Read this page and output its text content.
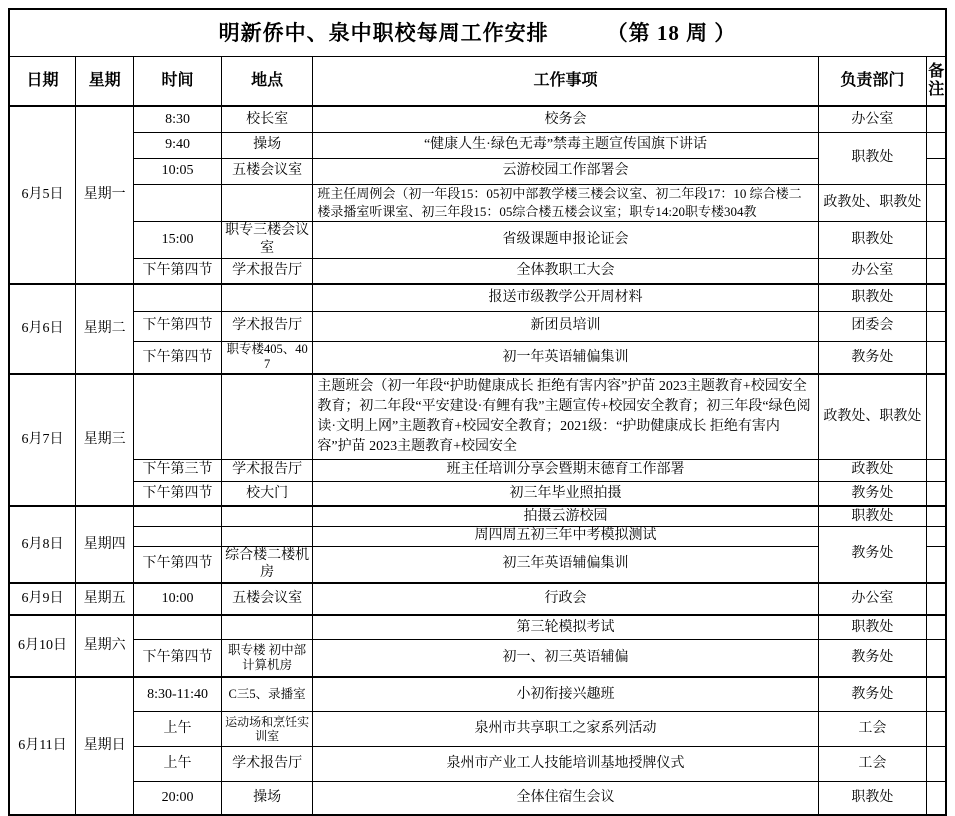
明新侨中、泉中职校每周工作安排 （第 18 周 ）						

日期	星期	时间	地点	工作事项	负责部门	备注
6月5日	星期一	8:30	校长室	校务会	办公室	
		9:40	操场	“健康人生·绿色无毒”禁毒主题宣传国旗下讲话	职教处	
		10:05	五楼会议室	云游校园工作部署会		
				班主任周例会（初一年段15：05初中部教学楼三楼会议室、初二年段17：10 综合楼二楼录播室听课室、初三年段15：05综合楼五楼会议室；职专14:20职专楼304教	政教处、职教处	
		15:00	职专三楼会议室	省级课题申报论证会	职教处	
		下午第四节	学术报告厅	全体教职工大会	办公室	
6月6日	星期二			报送市级教学公开周材料	职教处	
		下午第四节	学术报告厅	新团员培训	团委会	
		下午第四节	职专楼405、407	初一年英语辅偏集训	教务处	
6月7日	星期三			主题班会（初一年段“护助健康成长 拒绝有害内容”护苗 2023主题教育+校园安全教育；初二年段“平安建设·有鲤有我”主题宣传+校园安全教育；初三年段“绿色阅读·文明上网”主题教育+校园安全教育；2021级：“护助健康成长 拒绝有害内容”护苗 2023主题教育+校园安全	政教处、职教处	
		下午第三节	学术报告厅	班主任培训分享会暨期末德育工作部署	政教处	
		下午第四节	校大门	初三年毕业照拍摄	教务处	
6月8日	星期四			拍摄云游校园	职教处	
				周四周五初三年中考模拟测试	教务处	
		下午第四节	综合楼二楼机房	初三年英语辅偏集训		
6月9日	星期五	10:00	五楼会议室	行政会	办公室	
6月10日	星期六			第三轮模拟考试	职教处	
		下午第四节	职专楼 初中部计算机房	初一、初三英语辅偏	教务处	
6月11日	星期日	8:30-11:40	C三5、录播室	小初衔接兴趣班	教务处	
		上午	运动场和烹饪实训室	泉州市共享职工之家系列活动	工会	
		上午	学术报告厅	泉州市产业工人技能培训基地授牌仪式	工会	
		20:00	操场	全体住宿生会议	职教处	
